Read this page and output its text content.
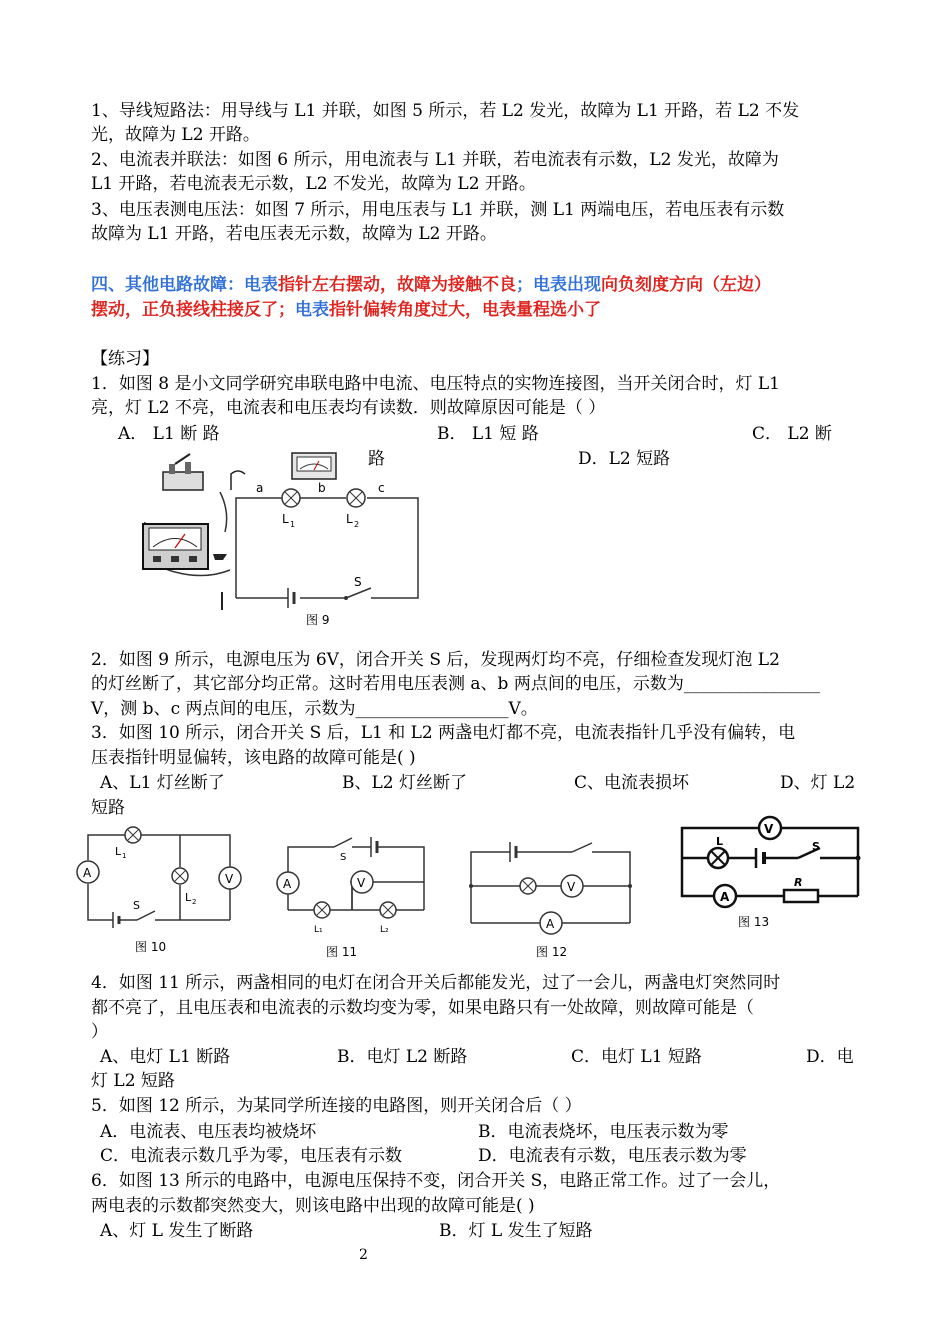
1、导线短路法：用导线与 L1 并联，如图 5 所示，若 L2 发光，故障为 L1 开路，若 L2 不发
光，故障为 L2 开路。
2、电流表并联法：如图 6 所示，用电流表与 L1 并联，若电流表有示数，L2 发光，故障为
L1 开路，若电流表无示数，L2 不发光，故障为 L2 开路。
3、电压表测电压法：如图 7 所示，用电压表与 L1 并联，测 L1 两端电压，若电压表有示数
故障为 L1 开路，若电压表无示数，故障为 L2 开路。
四、其他电路故障：电表指针左右摆动，故障为接触不良；电表出现向负刻度方向（左边）
摆动，正负接线柱接反了；电表指针偏转角度过大，电表量程选小了
【练习】
1．如图 8 是小文同学研究串联电路中电流、电压特点的实物连接图，当开关闭合时，灯 L1
亮，灯 L2 不亮，电流表和电压表均有读数．则故障原因可能是（ ）
A． L1 断 路	B． L1 短 路	C． L2 断
路	D．L2 短路
a	b	c
L 1	L 2
S
图 9
2．如图 9 所示，电源电压为 6V，闭合开关 S 后，发现两灯均不亮，仔细检查发现灯泡 L2
的灯丝断了，其它部分均正常。这时若用电压表测 a、b 两点间的电压，示数为________________
V，测 b、c 两点间的电压，示数为__________________V。
3．如图 10 所示，闭合开关 S 后，L1 和 L2 两盏电灯都不亮，电流表指针几乎没有偏转，电
压表指针明显偏转，该电路的故障可能是( )
A、L1 灯丝断了	B、L2 灯丝断了	C、电流表损坏	D、灯 L2
短路
A	V
L 1
L 2
S
图 10
A	V
S
L₁	L₂
图 11
V
A
图 12
V
A
L	S
R
图 13
4．如图 11 所示，两盏相同的电灯在闭合开关后都能发光，过了一会儿，两盏电灯突然同时
都不亮了，且电压表和电流表的示数均变为零，如果电路只有一处故障，则故障可能是（
）
A、电灯 L1 断路	B．电灯 L2 断路	C．电灯 L1 短路	D．电
灯 L2 短路
5．如图 12 所示，为某同学所连接的电路图，则开关闭合后（ ）
A．电流表、电压表均被烧坏	B．电流表烧坏，电压表示数为零
C．电流表示数几乎为零，电压表有示数	D．电流表有示数，电压表示数为零
6．如图 13 所示的电路中，电源电压保持不变，闭合开关 S，电路正常工作。过了一会儿，
两电表的示数都突然变大，则该电路中出现的故障可能是( )
A、灯 L 发生了断路	B．灯 L 发生了短路
2
